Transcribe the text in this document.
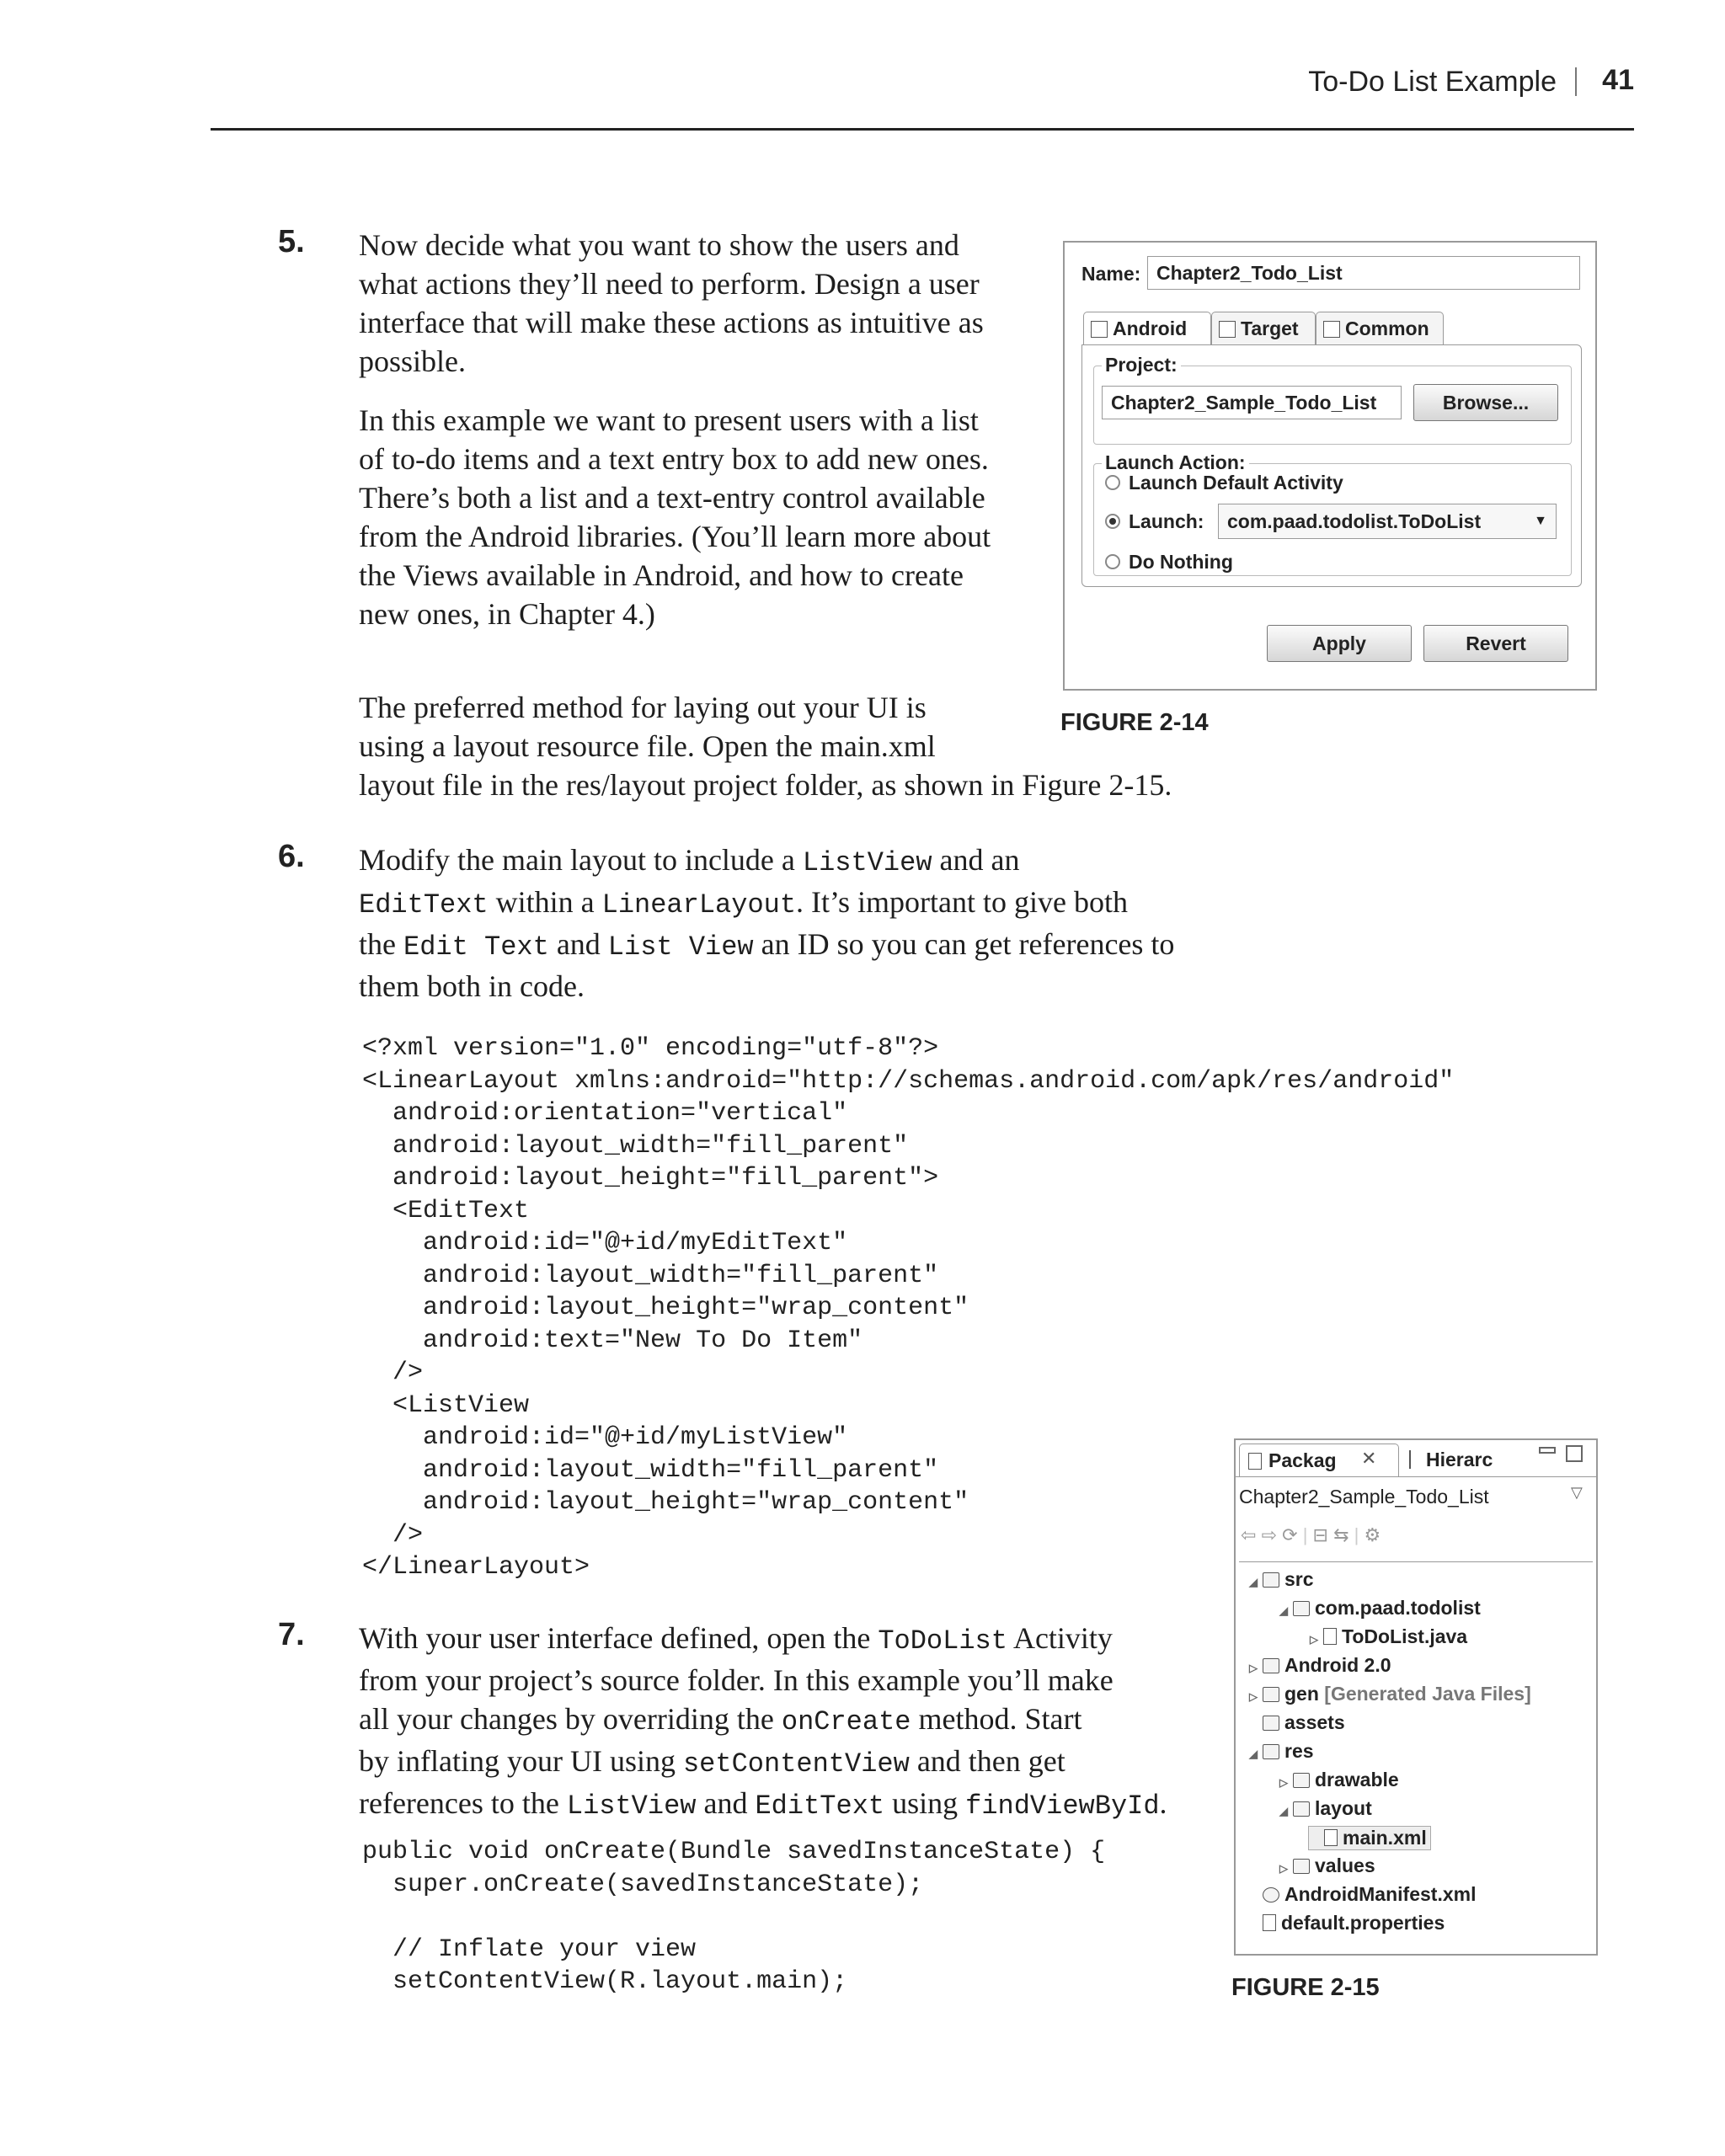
To-Do List Example 41
5. Now decide what you want to show the users and what actions they’ll need to perform. Design a user interface that will make these actions as intuitive as possible.

In this example we want to present users with a list of to-do items and a text entry box to add new ones. There’s both a list and a text-entry control available from the Android libraries. (You’ll learn more about the Views available in Android, and how to create new ones, in Chapter 4.)

The preferred method for laying out your UI is using a layout resource file. Open the main.xml

layout file in the res/layout project folder, as shown in Figure 2-15.

Name: Chapter2_Todo_List
Android	Target	Common
Project:
Chapter2_Sample_Todo_List	Browse...
Launch Action:
Launch Default Activity
Launch:	com.paad.todolist.ToDoList	▼
Do Nothing
Apply	Revert
FIGURE 2-14
6. Modify the main layout to include a ListView and an

EditText within a LinearLayout. It’s important to give both

the Edit Text and List View an ID so you can get references to

them both in code.

<?xml version="1.0" encoding="utf-8"?>
<LinearLayout xmlns:android="http://schemas.android.com/apk/res/android"
android:orientation="vertical"
android:layout_width="fill_parent"
android:layout_height="fill_parent">
<EditText
android:id="@+id/myEditText"
android:layout_width="fill_parent"
android:layout_height="wrap_content"
android:text="New To Do Item"
/>
<ListView
android:id="@+id/myListView"
android:layout_width="fill_parent"
android:layout_height="wrap_content"
/>
</LinearLayout>
7. With your user interface defined, open the ToDoList Activity

from your project’s source folder. In this example you’ll make

all your changes by overriding the onCreate method. Start

by inflating your UI using setContentView and then get

references to the ListView and EditText using findViewById.

public void onCreate(Bundle savedInstanceState) {
super.onCreate(savedInstanceState);

// Inflate your view
setContentView(R.layout.main);
Packag ✕	Hierarc
Chapter2_Sample_Todo_List	▽
⇦ ⇨ ⟳ | ⊟ ⇆ | ⚙
◢ src
◢ com.paad.todolist
▷ ToDoList.java
▷ Android 2.0
▷ gen [Generated Java Files]
assets
◢ res
▷ drawable
◢ layout
main.xml
▷ values
AndroidManifest.xml
default.properties
FIGURE 2-15
